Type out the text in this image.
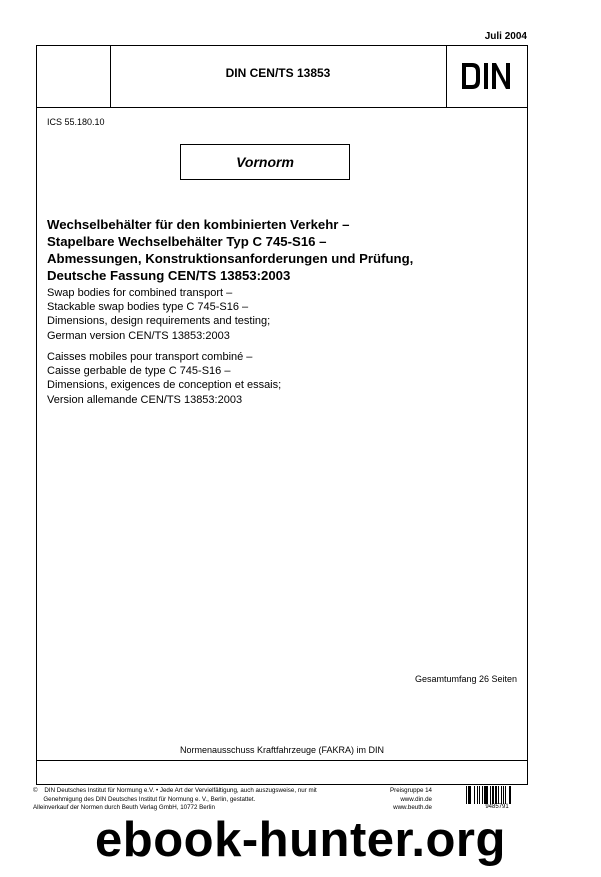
Juli 2004
DIN CEN/TS 13853
ICS 55.180.10
Vornorm
Wechselbehälter für den kombinierten Verkehr –
Stapelbare Wechselbehälter Typ C 745-S16 –
Abmessungen, Konstruktionsanforderungen und Prüfung,
Deutsche Fassung CEN/TS 13853:2003
Swap bodies for combined transport –
Stackable swap bodies type C 745-S16 –
Dimensions, design requirements and testing;
German version CEN/TS 13853:2003
Caisses mobiles pour transport combiné –
Caisse gerbable de type C 745-S16 –
Dimensions, exigences de conception et essais;
Version allemande CEN/TS 13853:2003
Gesamtumfang 26 Seiten
Normenausschuss Kraftfahrzeuge (FAKRA) im DIN
©    DIN Deutsches Institut für Normung e.V. • Jede Art der Vervielfältigung, auch auszugsweise, nur mit
Genehmigung des DIN Deutsches Institut für Normung e. V., Berlin, gestattet.
Alleinverkauf der Normen durch Beuth Verlag GmbH, 10772 Berlin
Preisgruppe 14
www.din.de
www.beuth.de	9485791
ebook-hunter.org
